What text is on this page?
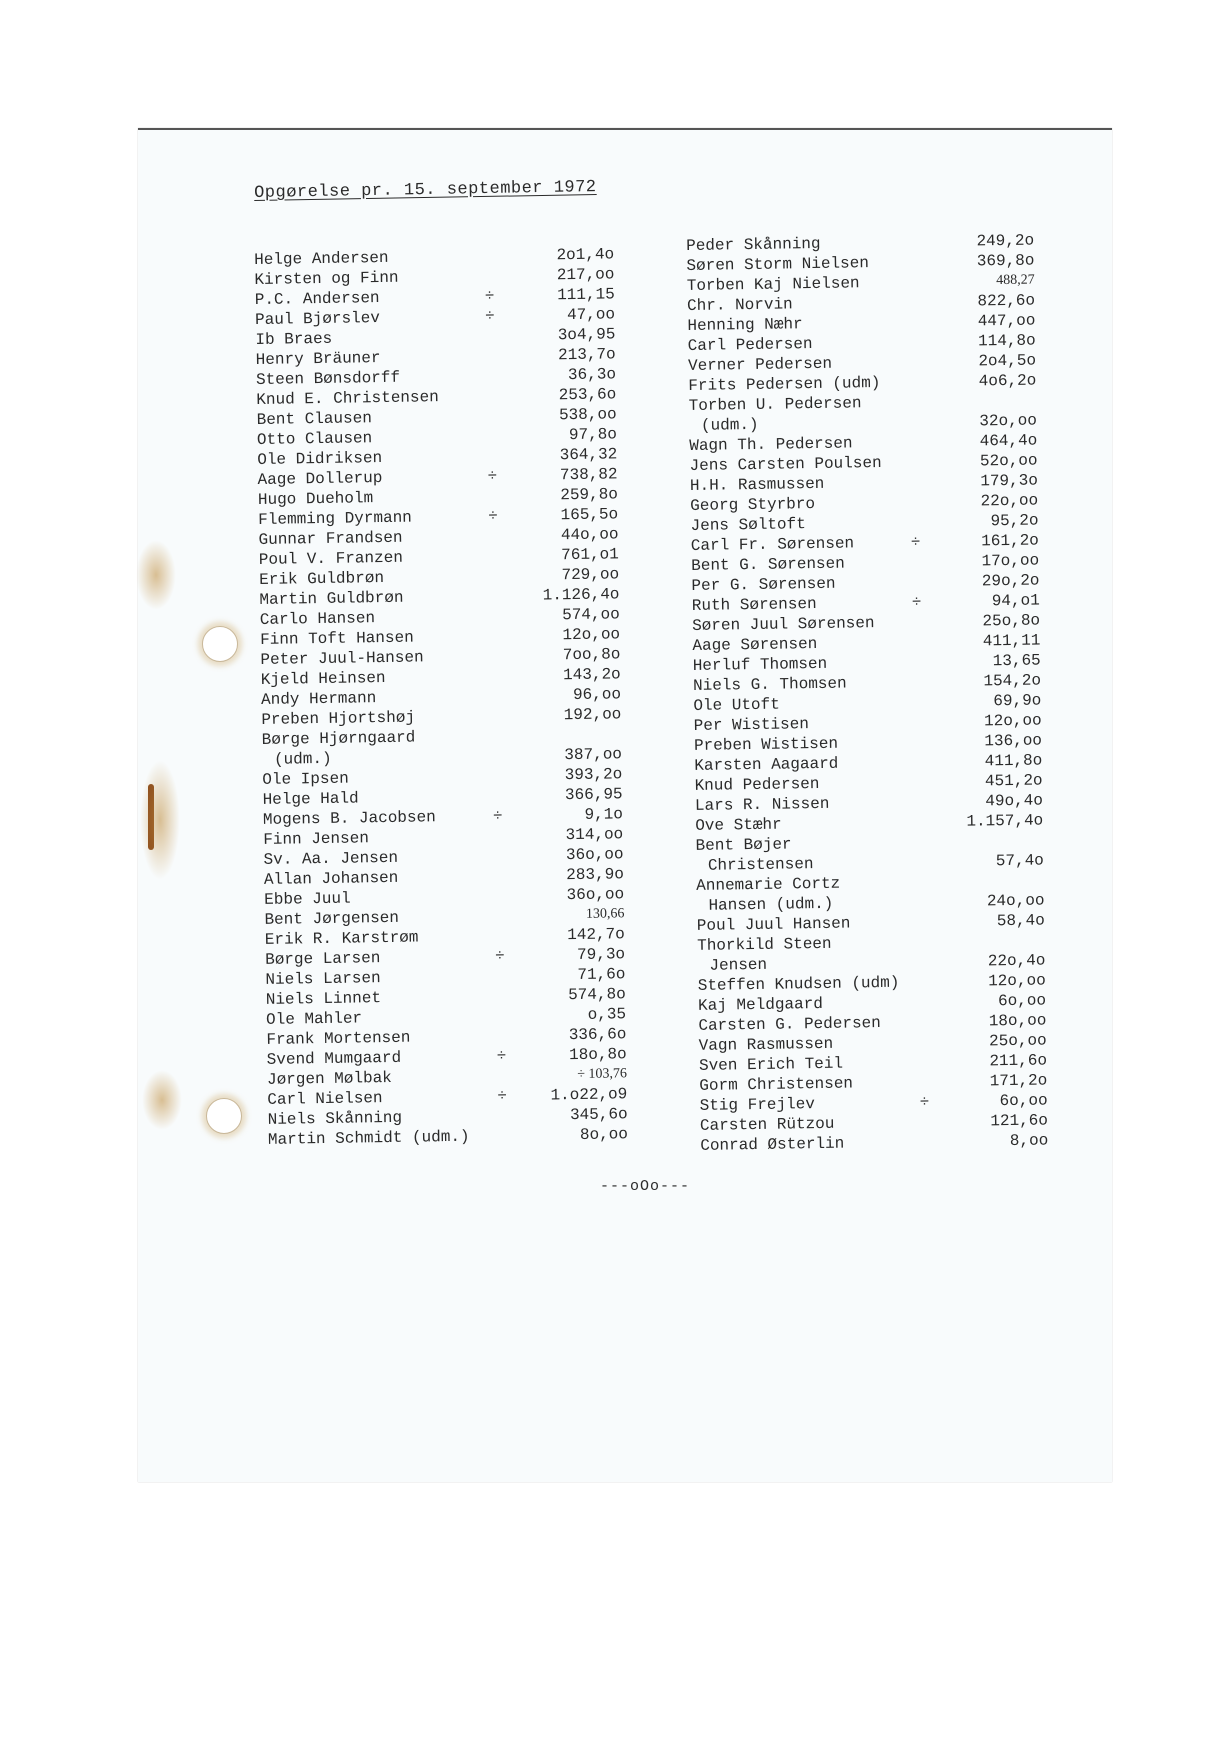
Opgørelse pr. 15. september 1972
Helge Andersen	2o1,4o
Kirsten og Finn	217,oo
P.C. Andersen	÷	111,15
Paul Bjørslev	÷	47,oo
Ib Braes	3o4,95
Henry Bräuner	213,7o
Steen Bønsdorff	36,3o
Knud E. Christensen	253,6o
Bent Clausen	538,oo
Otto Clausen	97,8o
Ole Didriksen	364,32
Aage Dollerup	÷	738,82
Hugo Dueholm	259,8o
Flemming Dyrmann	÷	165,5o
Gunnar Frandsen	44o,oo
Poul V. Franzen	761,o1
Erik Guldbrøn	729,oo
Martin Guldbrøn	1.126,4o
Carlo Hansen	574,oo
Finn Toft Hansen	12o,oo
Peter Juul-Hansen	7oo,8o
Kjeld Heinsen	143,2o
Andy Hermann	96,oo
Preben Hjortshøj	192,oo
Børge Hjørngaard
(udm.)	387,oo
Ole Ipsen	393,2o
Helge Hald	366,95
Mogens B. Jacobsen	÷	9,1o
Finn Jensen	314,oo
Sv. Aa. Jensen	36o,oo
Allan Johansen	283,9o
Ebbe Juul	36o,oo
Bent Jørgensen	130,66
Erik R. Karstrøm	142,7o
Børge Larsen	÷	79,3o
Niels Larsen	71,6o
Niels Linnet	574,8o
Ole Mahler	o,35
Frank Mortensen	336,6o
Svend Mumgaard	÷	18o,8o
Jørgen Mølbak	÷ 103,76
Carl Nielsen	÷	1.o22,o9
Niels Skånning	345,6o
Martin Schmidt (udm.)	8o,oo
Peder Skånning	249,2o
Søren Storm Nielsen	369,8o
Torben Kaj Nielsen	488,27
Chr. Norvin	822,6o
Henning Næhr	447,oo
Carl Pedersen	114,8o
Verner Pedersen	2o4,5o
Frits Pedersen (udm)	4o6,2o
Torben U. Pedersen
(udm.)	32o,oo
Wagn Th. Pedersen	464,4o
Jens Carsten Poulsen	52o,oo
H.H. Rasmussen	179,3o
Georg Styrbro	22o,oo
Jens Søltoft	95,2o
Carl Fr. Sørensen	÷	161,2o
Bent G. Sørensen	17o,oo
Per G. Sørensen	29o,2o
Ruth Sørensen	÷	94,o1
Søren Juul Sørensen	25o,8o
Aage Sørensen	411,11
Herluf Thomsen	13,65
Niels G. Thomsen	154,2o
Ole Utoft	69,9o
Per Wistisen	12o,oo
Preben Wistisen	136,oo
Karsten Aagaard	411,8o
Knud Pedersen	451,2o
Lars R. Nissen	49o,4o
Ove Stæhr	1.157,4o
Bent Bøjer
Christensen	57,4o
Annemarie Cortz
Hansen (udm.)	24o,oo
Poul Juul Hansen	58,4o
Thorkild Steen
Jensen	22o,4o
Steffen Knudsen (udm)	12o,oo
Kaj Meldgaard	6o,oo
Carsten G. Pedersen	18o,oo
Vagn Rasmussen	25o,oo
Sven Erich Teil	211,6o
Gorm Christensen	171,2o
Stig Frejlev	÷	6o,oo
Carsten Rützou	121,6o
Conrad Østerlin	8,oo
---oOo---
